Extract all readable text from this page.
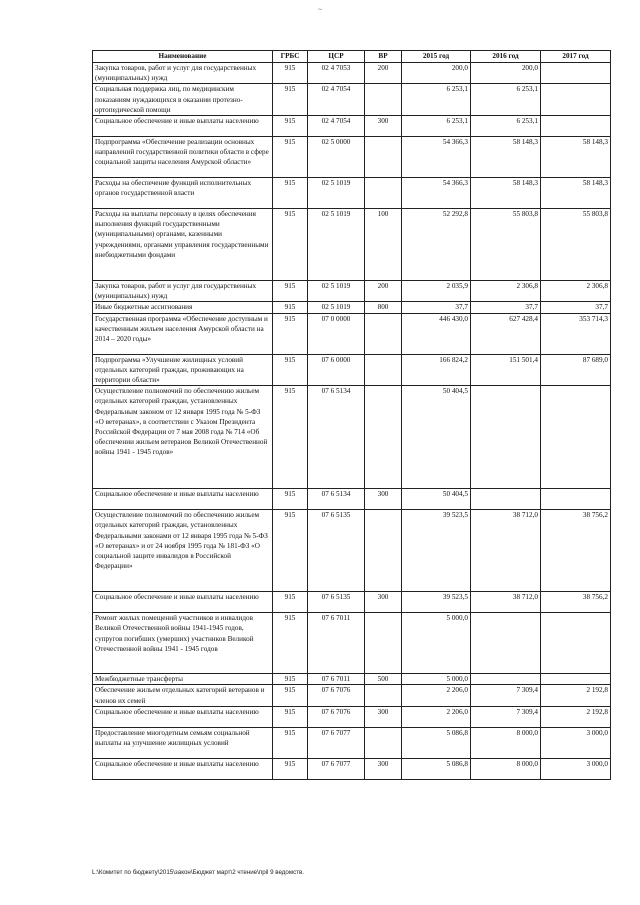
~
Наименование	ГРБС	ЦСР	ВР	2015 год	2016 год	2017 год
Закупка товаров, работ и услуг для государственных (муниципальных) нужд	915	02 4 7053	200	200,0	200,0	
Социальная поддержка лиц, по медицинским показаниям нуждающихся в оказании протезно-ортопедической помощи	915	02 4 7054		6 253,1	6 253,1	
Социальное обеспечение и иные выплаты населению	915	02 4 7054	300	6 253,1	6 253,1	
Подпрограмма «Обеспечение реализации основных направлений государственной политики области в сфере социальной защиты населения Амурской области»	915	02 5 0000		54 366,3	58 148,3	58 148,3
Расходы на обеспечение функций исполнительных органов государственной власти	915	02 5 1019		54 366,3	58 148,3	58 148,3
Расходы на выплаты персоналу в целях обеспечения выполнения функций государственными (муниципальными) органами, казенными учреждениями, органами управления государственными внебюджетными фондами	915	02 5 1019	100	52 292,8	55 803,8	55 803,8
Закупка товаров, работ и услуг для государственных (муниципальных) нужд	915	02 5 1019	200	2 035,9	2 306,8	2 306,8
Иные бюджетные ассигнования	915	02 5 1019	800	37,7	37,7	37,7
Государственная программа «Обеспечение доступным и качественным жильем населения Амурской области на 2014 – 2020 годы»	915	07 0 0000		446 430,0	627 428,4	353 714,3
Подпрограмма «Улучшение жилищных условий отдельных категорий граждан, проживающих на территории области»	915	07 6 0000		166 824,2	151 501,4	87 689,0
Осуществление полномочий по обеспечению жильем отдельных категорий граждан, установленных Федеральным законом от 12 января 1995 года № 5-ФЗ «О ветеранах», в соответствии с Указом Президента Российской Федерации от 7 мая 2008 года № 714 «Об обеспечении жильем ветеранов Великой Отечественной войны 1941 - 1945 годов»	915	07 6 5134		50 404,5		
Социальное обеспечение и иные выплаты населению	915	07 6 5134	300	50 404,5		
Осуществление полномочий по обеспечению жильем отдельных категорий граждан, установленных Федеральными законами от 12 января 1995 года № 5-ФЗ «О ветеранах» и от 24 ноября 1995 года № 181-ФЗ «О социальной защите инвалидов в Российской Федерации»	915	07 6 5135		39 523,5	38 712,0	38 756,2
Социальное обеспечение и иные выплаты населению	915	07 6 5135	300	39 523,5	38 712,0	38 756,2
Ремонт жилых помещений участников и инвалидов Великой Отечественной войны 1941-1945 годов, супругов погибших (умерших) участников Великой Отечественной войны 1941 - 1945 годов	915	07 6 7011		5 000,0		
Межбюджетные трансферты	915	07 6 7011	500	5 000,0		
Обеспечение жильем отдельных категорий ветеранов и членов их семей	915	07 6 7076		2 206,0	7 309,4	2 192,8
Социальное обеспечение и иные выплаты населению	915	07 6 7076	300	2 206,0	7 309,4	2 192,8
Предоставление многодетным семьям социальной выплаты на улучшение жилищных условий	915	07 6 7077		5 086,8	8 000,0	3 000,0
Социальное обеспечение и иные выплаты населению	915	07 6 7077	300	5 086,8	8 000,0	3 000,0
L:\Комитет по бюджету\2015\закон\Бюджет март\2 чтение\прil 9 ведомств.
